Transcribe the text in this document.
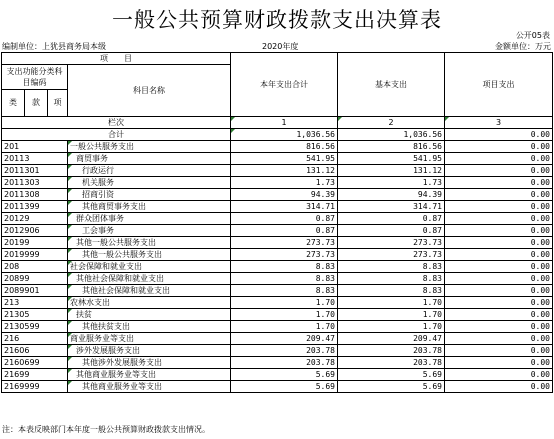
一般公共预算财政拨款支出决算表
公开05表
编制单位：上犹县商务局本级	2020年度	金额单位：万元
项　　目				本年支出合计	基本支出	项目支出
支出功能分类科目编码			科目名称			
类	款	项				
栏次				1	2	3
合计				1,036.56	1,036.56	0.00
201			一般公共服务支出	816.56	816.56	0.00
20113			商贸事务	541.95	541.95	0.00
2011301			行政运行	131.12	131.12	0.00
2011303			机关服务	1.73	1.73	0.00
2011308			招商引资	94.39	94.39	0.00
2011399			其他商贸事务支出	314.71	314.71	0.00
20129			群众团体事务	0.87	0.87	0.00
2012906			工会事务	0.87	0.87	0.00
20199			其他一般公共服务支出	273.73	273.73	0.00
2019999			其他一般公共服务支出	273.73	273.73	0.00
208			社会保障和就业支出	8.83	8.83	0.00
20899			其他社会保障和就业支出	8.83	8.83	0.00
2089901			其他社会保障和就业支出	8.83	8.83	0.00
213			农林水支出	1.70	1.70	0.00
21305			扶贫	1.70	1.70	0.00
2130599			其他扶贫支出	1.70	1.70	0.00
216			商业服务业等支出	209.47	209.47	0.00
21606			涉外发展服务支出	203.78	203.78	0.00
2160699			其他涉外发展服务支出	203.78	203.78	0.00
21699			其他商业服务业等支出	5.69	5.69	0.00
2169999			其他商业服务业等支出	5.69	5.69	0.00
注：本表反映部门本年度一般公共预算财政拨款支出情况。
